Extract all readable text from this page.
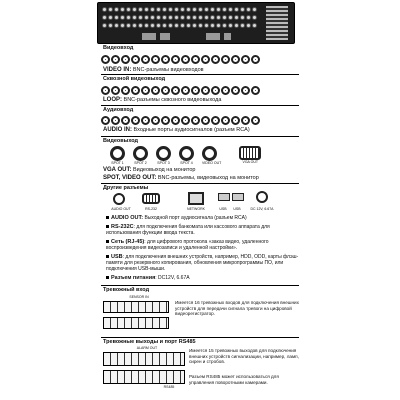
Видеовход
VIDEO IN: BNC-разъемы видеовходов
Сквозной видеовыход
LOOP: BNC-разъемы сквозного видеовыхода
Аудиовход
AUDIO IN: Входные порты аудиосигналов (разъем RCA)
Видеовыход
SPOT 1	SPOT 2	SPOT 3	SPOT 4	VIDEO OUT	VGA OUT
VGA OUT: Видеовыход на монитор
SPOT, VIDEO OUT: BNC-разъемы, видеовыход на монитор
Другие разъемы
AUDIO OUT	RS-232	NETWORK	USB	USB	DC 12V, 6.67A
AUDIO OUT: Выходной порт аудиосигнала (разъем RCA)
RS-232C: для подключения банкомата или кассового аппарата для использования функции ввода текста.
Сеть (RJ-45): для цифрового протокола «заказ видео, удаленного воспроизведения видеозаписи и удаленной настройки».
USB: для подключения внешних устройств, например, HDD, ODD, карты флэш-памяти для резервного копирования, обновления микропрограммы ПО, или подключения USB-мыши.
Разъем питания: DC12V, 6.67A
Тревожный вход
SENSOR IN
Имеется 16 тревожных входов для подключения внешних устройств для передачи сигнала тревоги на цифровой видеорегистратор.
Тревожные выходы и порт RS485
ALARM OUT
RS485
Имеется 15 тревожных выходов для подключения внешних устройств сигнализации, например, ламп, сирен и стробов.
Разъем RS485 может использоваться для управления поворотными камерами.
